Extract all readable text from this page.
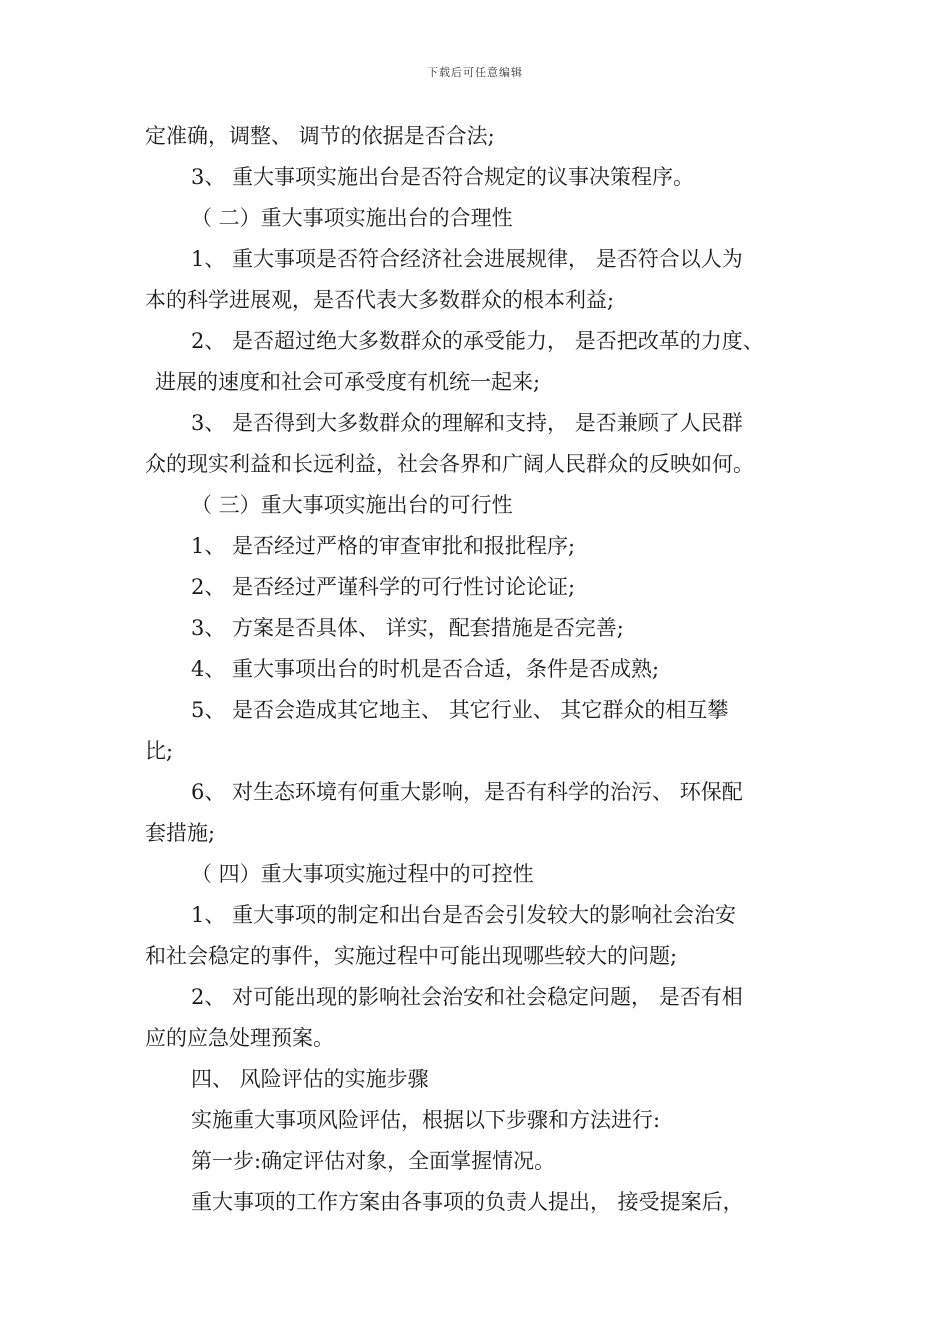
下载后可任意编辑
定准确，调整、 调节的依据是否合法;
3、 重大事项实施出台是否符合规定的议事决策程序。
（ 二）重大事项实施出台的合理性
1、 重大事项是否符合经济社会进展规律， 是否符合以人为
本的科学进展观，是否代表大多数群众的根本利益;
2、 是否超过绝大多数群众的承受能力， 是否把改革的力度、
进展的速度和社会可承受度有机统一起来;
3、 是否得到大多数群众的理解和支持， 是否兼顾了人民群
众的现实利益和长远利益，社会各界和广阔人民群众的反映如何。
（ 三）重大事项实施出台的可行性
1、 是否经过严格的审查审批和报批程序;
2、 是否经过严谨科学的可行性讨论论证;
3、 方案是否具体、 详实，配套措施是否完善;
4、 重大事项出台的时机是否合适，条件是否成熟;
5、 是否会造成其它地主、 其它行业、 其它群众的相互攀
比;
6、 对生态环境有何重大影响，是否有科学的治污、 环保配
套措施;
（ 四）重大事项实施过程中的可控性
1、 重大事项的制定和出台是否会引发较大的影响社会治安
和社会稳定的事件，实施过程中可能出现哪些较大的问题;
2、 对可能出现的影响社会治安和社会稳定问题， 是否有相
应的应急处理预案。
四、 风险评估的实施步骤
实施重大事项风险评估，根据以下步骤和方法进行:
第一步:确定评估对象，全面掌握情况。
重大事项的工作方案由各事项的负责人提出， 接受提案后，
